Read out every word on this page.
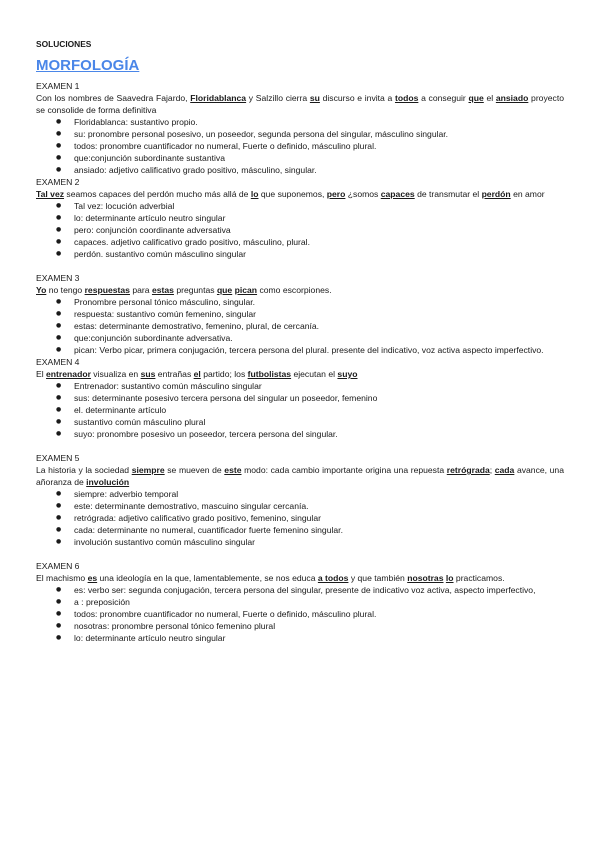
SOLUCIONES
MORFOLOGÍA
EXAMEN 1
Con los nombres de Saavedra Fajardo, Floridablanca y Salzillo cierra su discurso e invita a todos a conseguir que el ansiado proyecto se consolide de forma definitiva
● Floridablanca: sustantivo propio.
● su: pronombre personal posesivo, un poseedor, segunda persona del singular, másculino singular.
● todos: pronombre cuantificador no numeral, Fuerte o definido, másculino plural.
● que:conjunción subordinante sustantiva
● ansiado: adjetivo calificativo grado positivo, másculino, singular.
EXAMEN 2
Tal vez seamos capaces del perdón mucho más allá de lo que suponemos, pero ¿somos capaces de transmutar el perdón en amor
● Tal vez: locución adverbial
● lo: determinante artículo neutro singular
● pero: conjunción coordinante adversativa
● capaces. adjetivo calificativo grado positivo, másculino, plural.
● perdón. sustantivo común másculino singular
EXAMEN 3
Yo no tengo respuestas para estas preguntas que pican como escorpiones.
● Pronombre personal tónico másculino, singular.
● respuesta: sustantivo común femenino, singular
● estas: determinante demostrativo, femenino, plural, de cercanía.
● que:conjunción subordinante adversativa.
● pican: Verbo picar, primera conjugación, tercera persona del plural. presente del indicativo, voz activa aspecto imperfectivo.
EXAMEN 4
El entrenador visualiza en sus entrañas el partido; los futbolistas ejecutan el suyo
● Entrenador: sustantivo común másculino singular
● sus: determinante posesivo tercera persona del singular un poseedor, femenino
● el. determinante artículo
● sustantivo común másculino plural
● suyo: pronombre posesivo un poseedor, tercera persona del singular.
EXAMEN 5
La historia y la sociedad siempre se mueven de este modo: cada cambio importante origina una repuesta retrógrada; cada avance, una añoranza de involución
● siempre: adverbio temporal
● este: determinante demostrativo, mascuino singular cercanía.
● retrógrada: adjetivo calificativo grado positivo, femenino, singular
● cada: determinante no numeral, cuantificador fuerte femenino singular.
● involución sustantivo común másculino singular
EXAMEN 6
El machismo es una ideología en la que, lamentablemente, se nos educa a todos y que también nosotras lo practicamos.
● es: verbo ser: segunda conjugación, tercera persona del singular, presente de indicativo voz activa, aspecto imperfectivo,
● a : preposición
● todos: pronombre cuantificador no numeral, Fuerte o definido, másculino plural.
● nosotras: pronombre personal tónico femenino plural
● lo: determinante artículo neutro singular
